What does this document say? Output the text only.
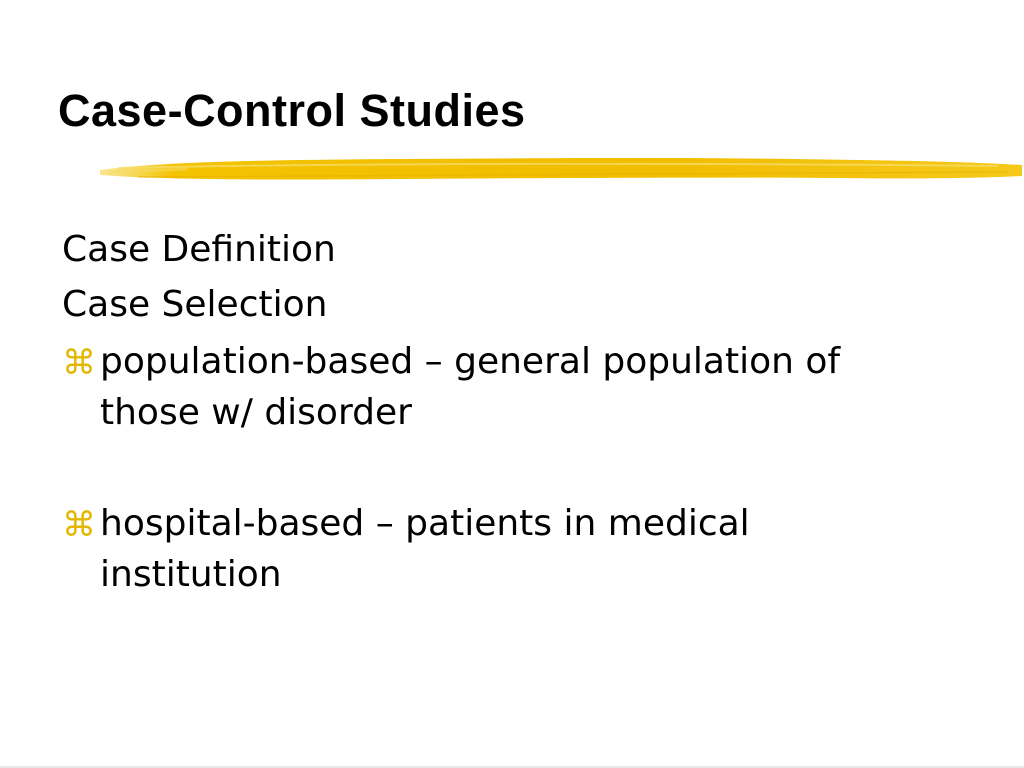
Case-Control Studies

Case Definition

Case Selection

⌘ population-based – general population of
those w/ disorder
⌘ hospital-based – patients in medical
institution
